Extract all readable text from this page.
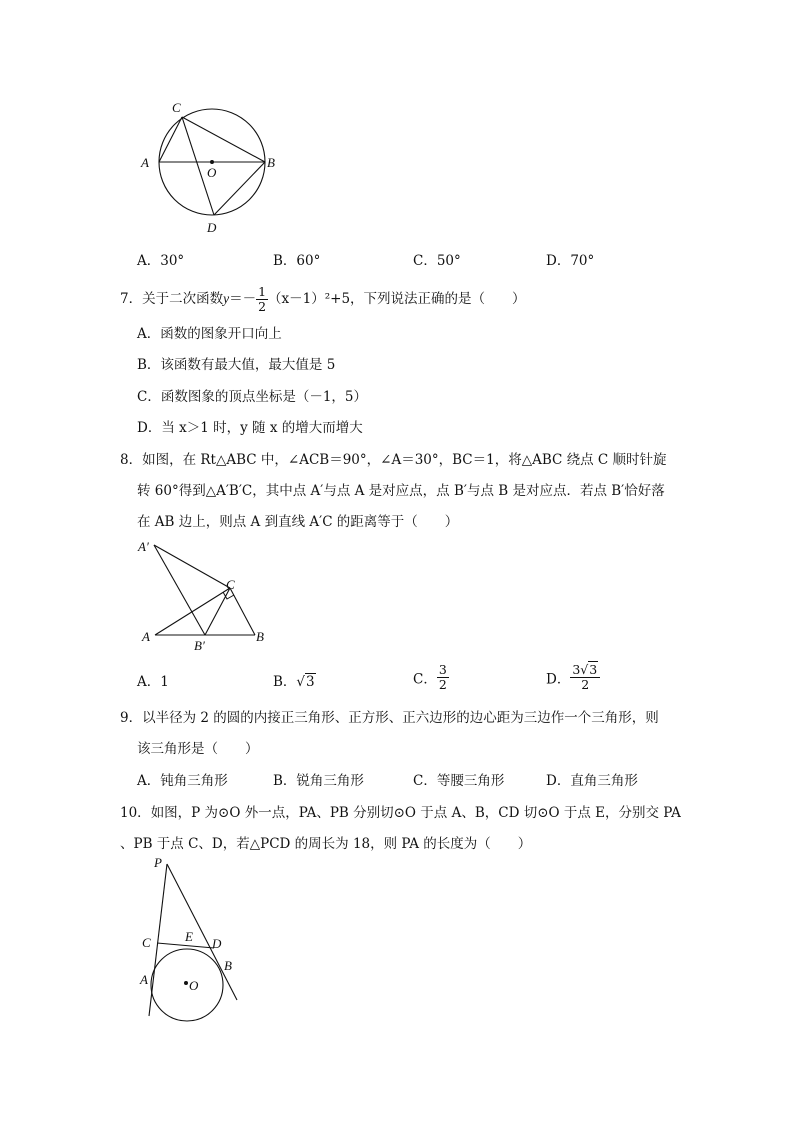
C
A	B
O
D
A．30°	B．60°	C．50°	D．70°
7．关于二次函数$y=- \frac{1}{2} (x-1)^2+5$，下列说法正确的是（　　）
A．函数的图象开口向上
B．该函数有最大值，最大值是 5
C．函数图象的顶点坐标是（－1，5）
D．当 x＞1 时，y 随 x 的增大而增大
8．如图，在 Rt△ABC 中，∠ACB＝90°，∠A＝30°，BC＝1，将△ABC 绕点 C 顺时针旋
转 60°得到△A′B′C，其中点 A′与点 A 是对应点，点 B′与点 B 是对应点．若点 B′恰好落
在 AB 边上，则点 A 到直线 A′C 的距离等于（　　）
A′
C
A	B
B′
A．1	B．√3	C． $\frac{3}{2}$	D． $\frac{3√3}{2}$
9．以半径为 2 的圆的内接正三角形、正方形、正六边形的边心距为三边作一个三角形，则
该三角形是（　　）
A．钝角三角形	B．锐角三角形	C．等腰三角形	D．直角三角形
10．如图，P 为⊙O 外一点，PA、PB 分别切⊙O 于点 A、B，CD 切⊙O 于点 E，分别交 PA
、PB 于点 C、D，若△PCD 的周长为 18，则 PA 的长度为（　　）
P
C	E D
A
B
O
